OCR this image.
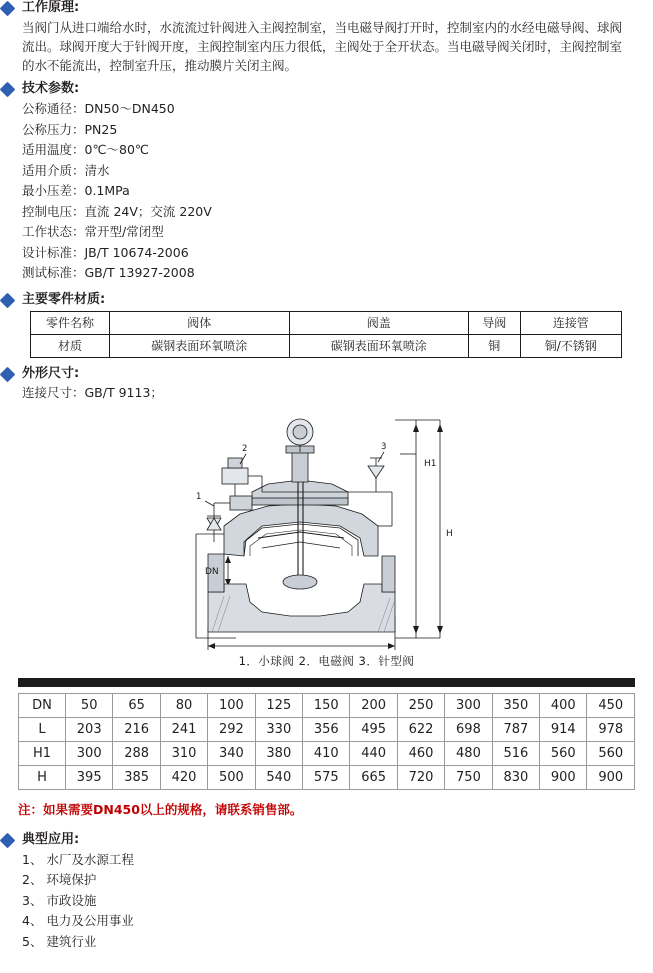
工作原理:
当阀门从进口端给水时，水流流过针阀进入主阀控制室，当电磁导阀打开时，控制室内的水经电磁导阀、球阀流出。球阀开度大于针阀开度，主阀控制室内压力很低，主阀处于全开状态。当电磁导阀关闭时，主阀控制室的水不能流出，控制室升压，推动膜片关闭主阀。
技术参数:
公称通径：DN50～DN450
公称压力：PN25
适用温度：0℃～80℃
适用介质：清水
最小压差：0.1MPa
控制电压：直流 24V；交流 220V
工作状态：常开型/常闭型
设计标准：JB/T 10674-2006
测试标准：GB/T 13927-2008
主要零件材质:
零件名称	阀体	阀盖	导阀	连接管
材质	碳钢表面环氧喷涂	碳钢表面环氧喷涂	铜	铜/不锈钢
外形尺寸:
连接尺寸：GB/T 9113；
2	3
1
H1
H
DN
1．小球阀 2．电磁阀 3．针型阀
DN	50	65	80	100	125	150	200	250	300	350	400	450
L	203	216	241	292	330	356	495	622	698	787	914	978
H1	300	288	310	340	380	410	440	460	480	516	560	560
H	395	385	420	500	540	575	665	720	750	830	900	900
注：如果需要DN450以上的规格，请联系销售部。
典型应用:
1、 水厂及水源工程
2、 环境保护
3、 市政设施
4、 电力及公用事业
5、 建筑行业
